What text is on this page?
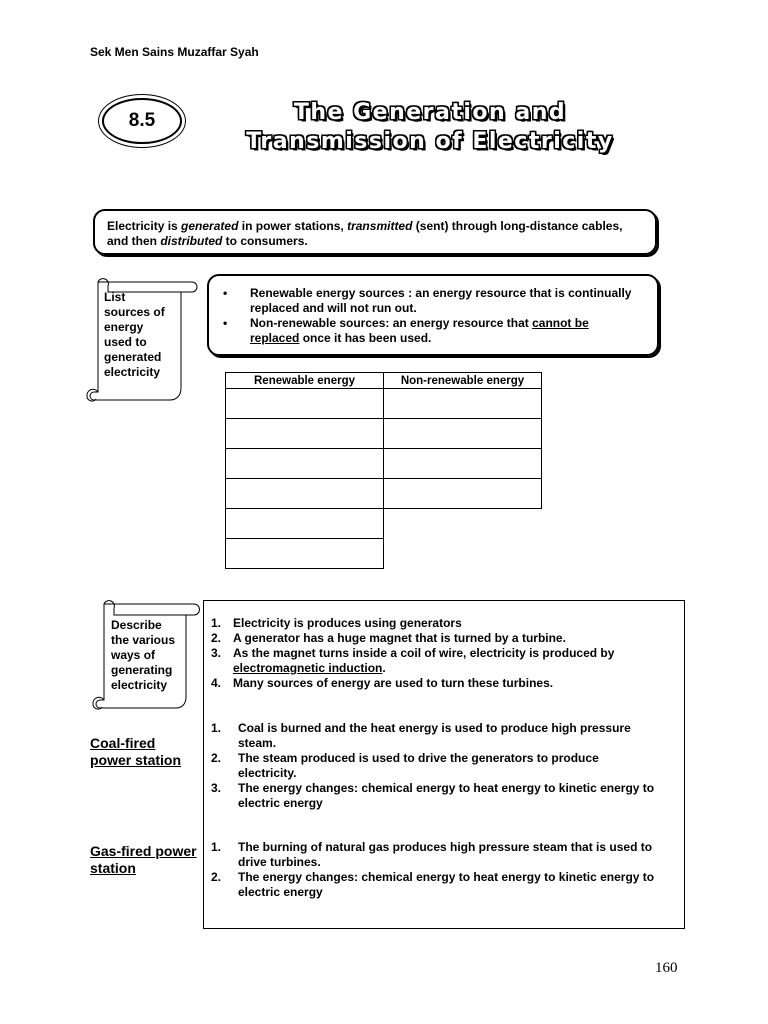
Sek Men Sains Muzaffar Syah
8.5	The Generation and
Transmission of Electricity
Electricity is generated in power stations, transmitted (sent) through long-distance cables,
and then distributed to consumers.
List
sources of
energy
used to
generated
electricity
•	Renewable energy sources : an energy resource that is continually
replaced and will not run out.
•	Non-renewable sources: an energy resource that cannot be
replaced once it has been used.
Renewable energy	Non-renewable energy

Describe
the various
ways of
generating
electricity
Coal-fired
power station
Gas-fired power
station
1. Electricity is produces using generators
2. A generator has a huge magnet that is turned by a turbine.
3. As the magnet turns inside a coil of wire, electricity is produced by
electromagnetic induction.
4. Many sources of energy are used to turn these turbines.
1.	Coal is burned and the heat energy is used to produce high pressure
steam.
2.	The steam produced is used to drive the generators to produce
electricity.
3.	The energy changes: chemical energy to heat energy to kinetic energy to
electric energy
1.	The burning of natural gas produces high pressure steam that is used to
drive turbines.
2.	The energy changes: chemical energy to heat energy to kinetic energy to
electric energy
160
